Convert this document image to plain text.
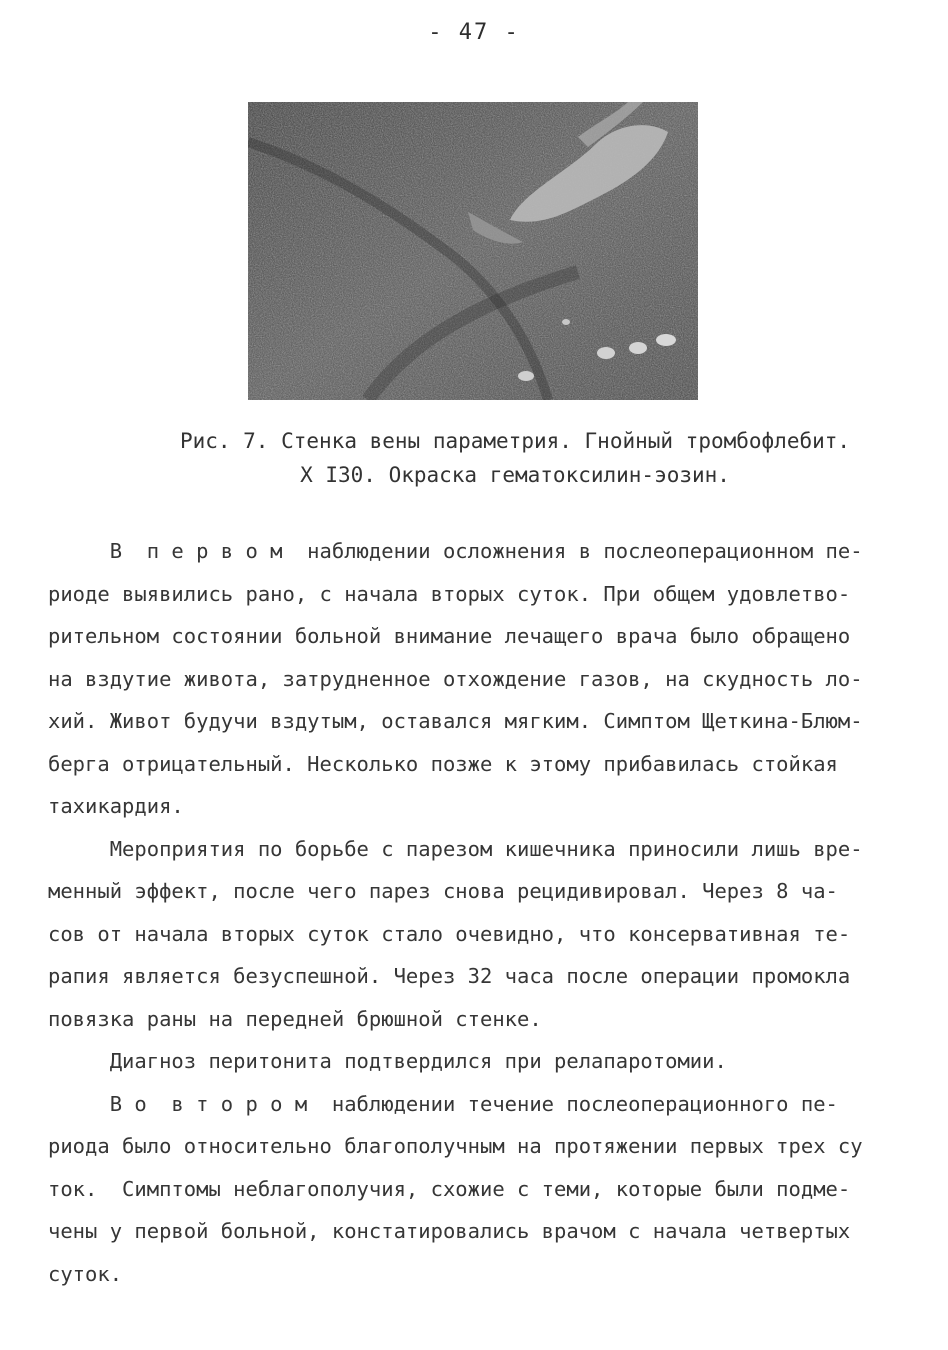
- 47 -
Рис. 7. Стенка вены параметрия. Гнойный тромбофлебит.
X I30. Окраска гематоксилин-эозин.
В  п е р в о м  наблюдении осложнения в послеоперационном пе-
риоде выявились рано, с начала вторых суток. При общем удовлетво-
рительном состоянии больной внимание лечащего врача было обращено
на вздутие живота, затрудненное отхождение газов, на скудность ло-
хий. Живот будучи вздутым, оставался мягким. Симптом Щеткина-Блюм-
берга отрицательный. Несколько позже к этому прибавилась стойкая
тахикардия.
Мероприятия по борьбе с парезом кишечника приносили лишь вре-
менный эффект, после чего парез снова рецидивировал. Через 8 ча-
сов от начала вторых суток стало очевидно, что консервативная те-
рапия является безуспешной. Через 32 часа после операции промокла
повязка раны на передней брюшной стенке.
Диагноз перитонита подтвердился при релапаротомии.
В о  в т о р о м  наблюдении течение послеоперационного пе-
риода было относительно благополучным на протяжении первых трех су
ток.  Симптомы неблагополучия, схожие с теми, которые были подме-
чены у первой больной, констатировались врачом с начала четвертых
суток.
